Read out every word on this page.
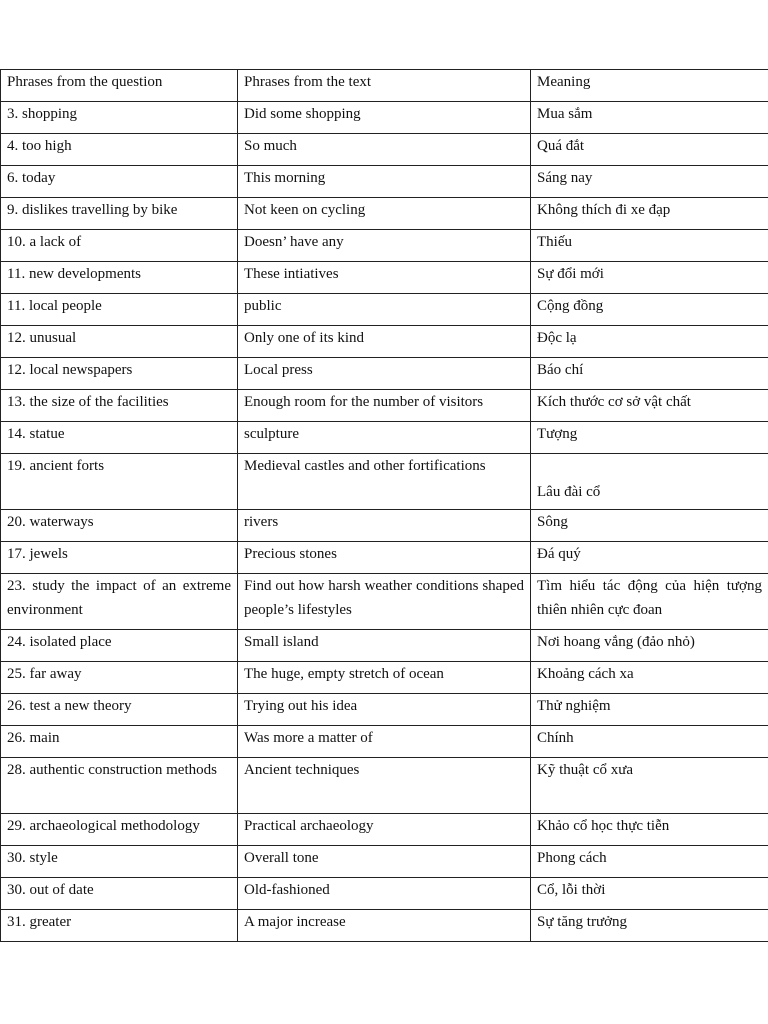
Phrases from the question	Phrases from the text	Meaning
3. shopping	Did some shopping	Mua sắm
4. too high	So much	Quá đắt
6. today	This morning	Sáng nay
9. dislikes travelling by bike	Not keen on cycling	Không thích đi xe đạp
10. a lack of	Doesn’ have any	Thiếu
11. new developments	These intiatives	Sự đổi mới
11. local people	public	Cộng đồng
12. unusual	Only one of its kind	Độc lạ
12. local newspapers	Local press	Báo chí
13. the size of the facilities	Enough room for the number of visitors	Kích thước cơ sở vật chất
14. statue	sculpture	Tượng
19. ancient forts	Medieval castles and other fortifications	Lâu đài cổ
20. waterways	rivers	Sông
17. jewels	Precious stones	Đá quý
23. study the impact of an extreme environment	Find out how harsh weather conditions shaped people’s lifestyles	Tìm hiểu tác động của hiện tượng thiên nhiên cực đoan
24. isolated place	Small island	Nơi hoang vắng (đảo nhỏ)
25. far away	The huge, empty stretch of ocean	Khoảng cách xa
26. test a new theory	Trying out his idea	Thử nghiệm
26. main	Was more a matter of	Chính
28. authentic construction methods	Ancient techniques	Kỹ thuật cổ xưa
29. archaeological methodology	Practical archaeology	Khảo cổ học thực tiễn
30. style	Overall tone	Phong cách
30. out of date	Old-fashioned	Cổ, lỗi thời
31. greater	A major increase	Sự tăng trưởng
